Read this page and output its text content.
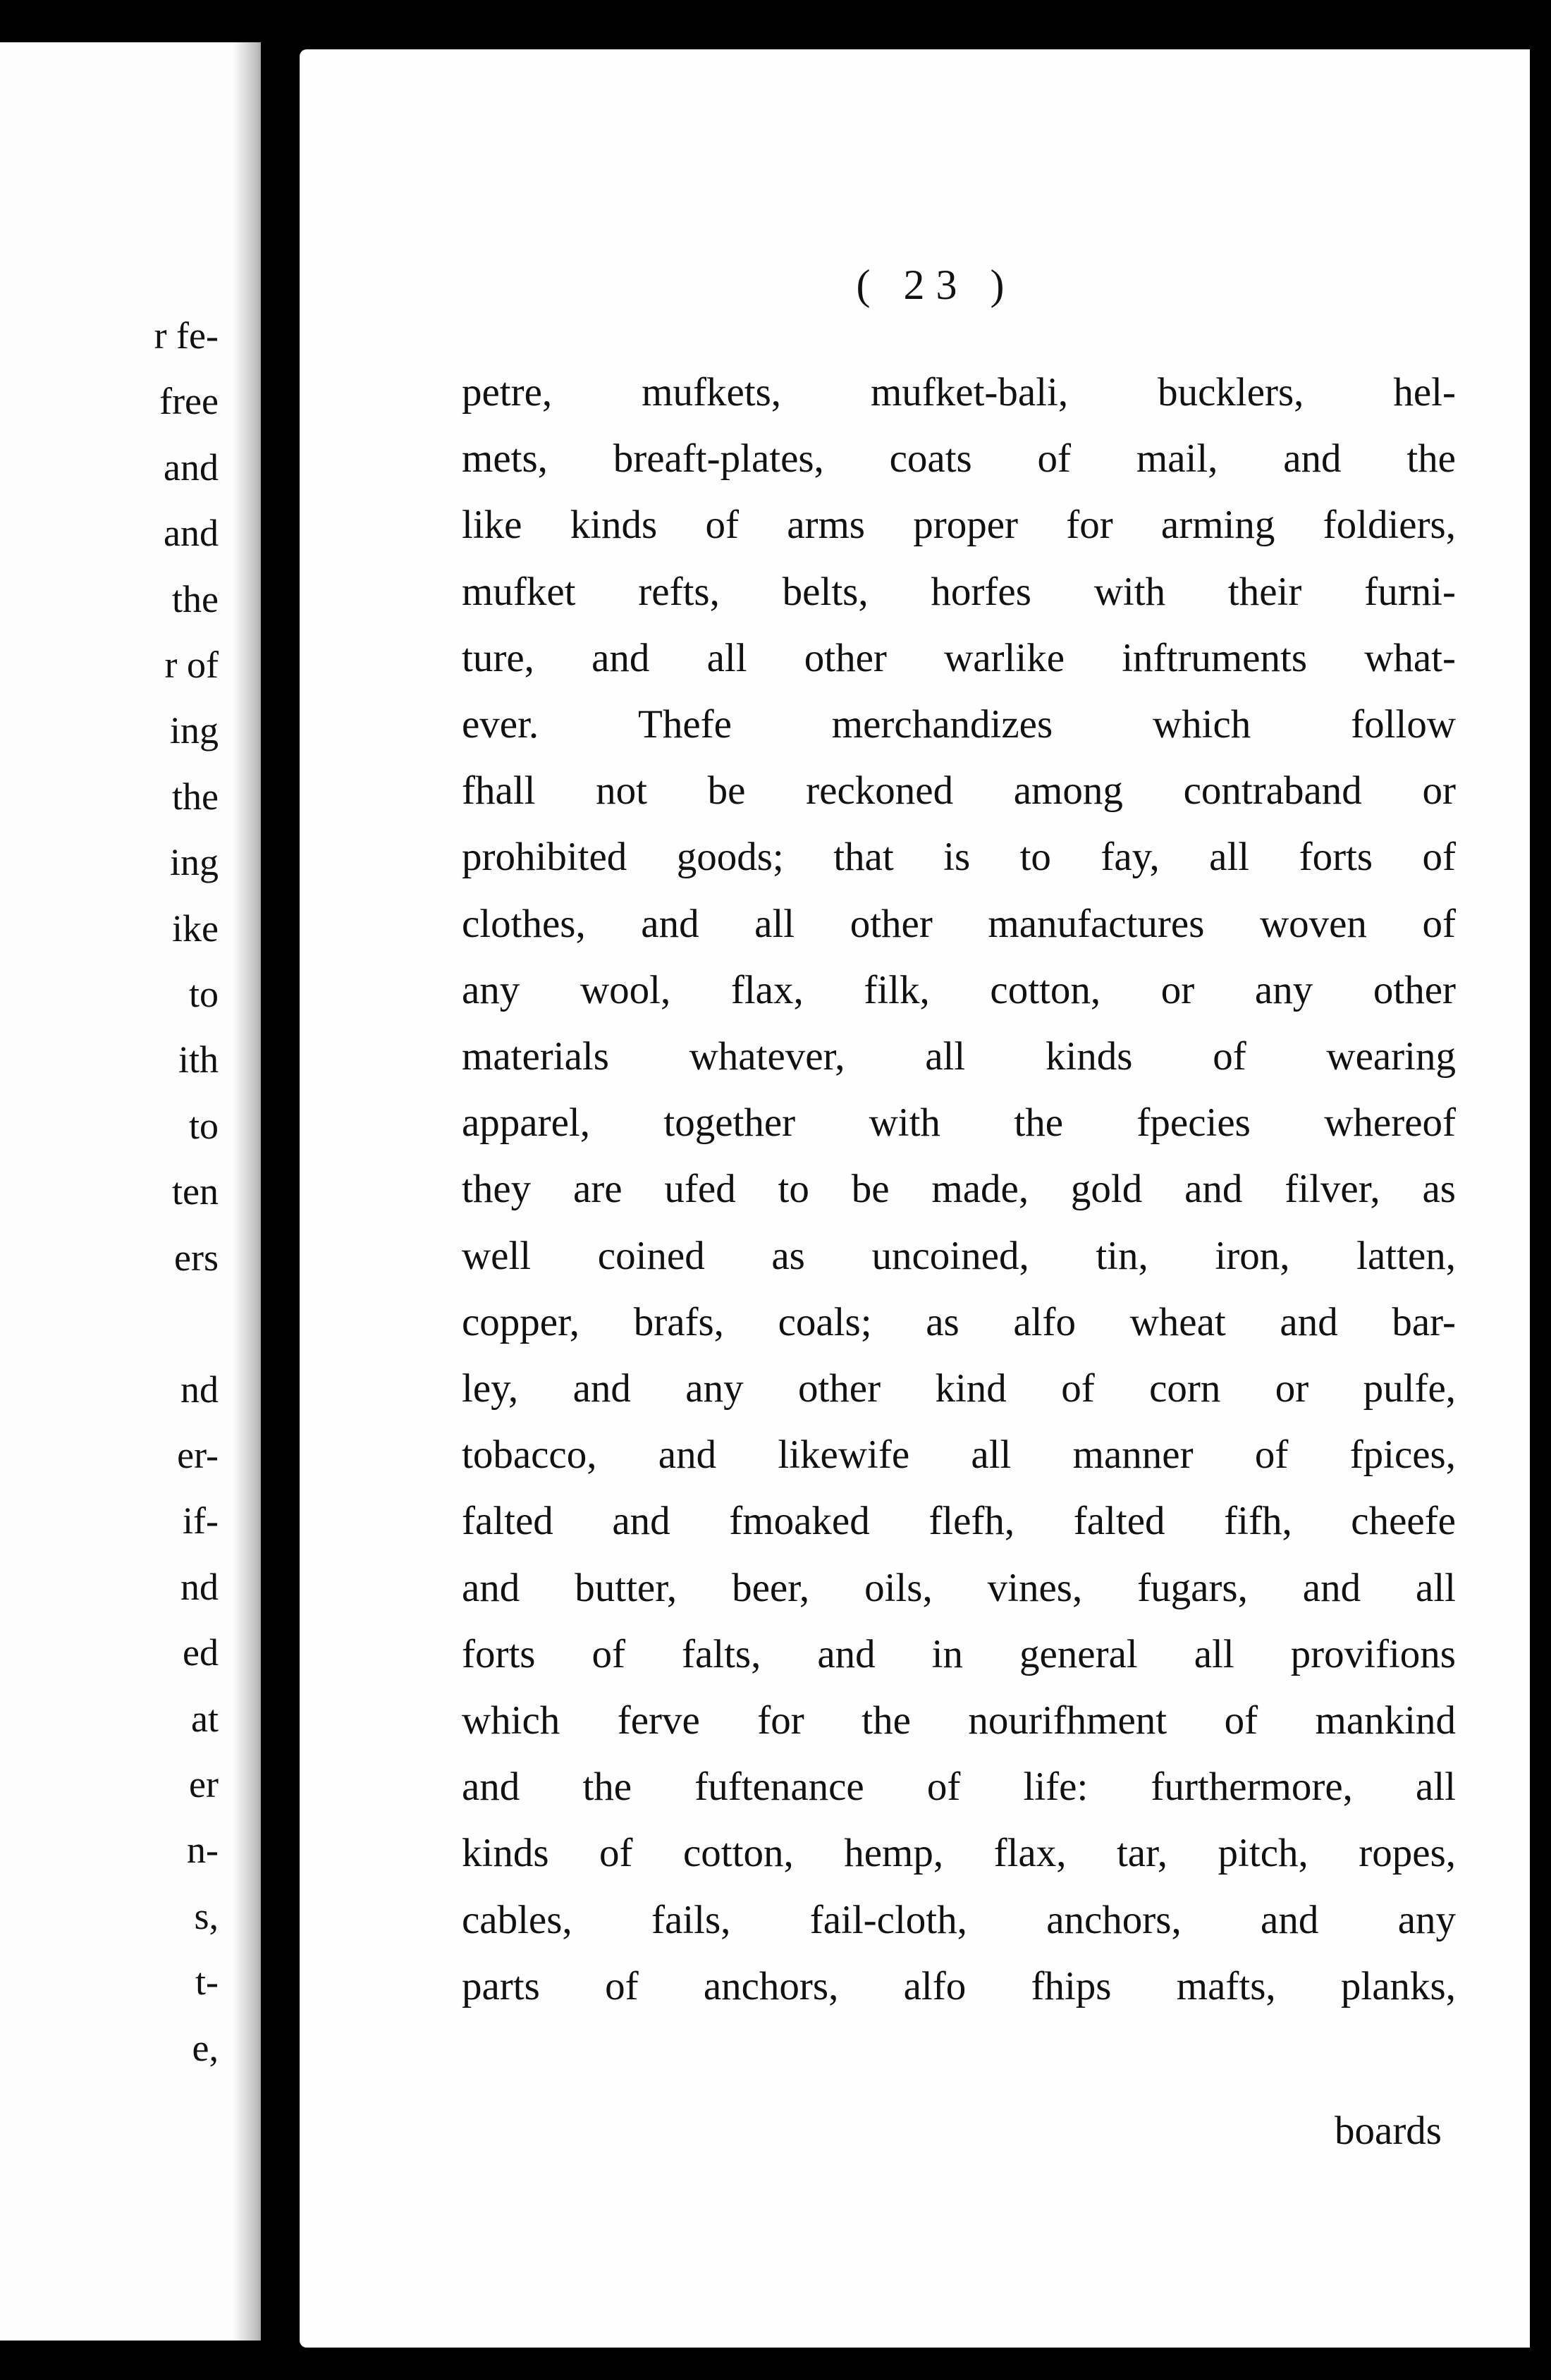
r fe-
free
and
and
the
r of
ing
the
ing
ike
to
ith
to
ten
ers

nd
er-
if-
nd
ed
at
er
n-
s,
t-
e,
( 23 )
petre, mufkets, mufket-bali, bucklers, hel-
mets, breaft-plates, coats of mail, and the
like kinds of arms proper for arming foldiers,
mufket refts, belts, horfes with their furni-
ture, and all other warlike inftruments what-
ever. Thefe merchandizes which follow
fhall not be reckoned among contraband or
prohibited goods; that is to fay, all forts of
clothes, and all other manufactures woven of
any wool, flax, filk, cotton, or any other
materials whatever, all kinds of wearing
apparel, together with the fpecies whereof
they are ufed to be made, gold and filver, as
well coined as uncoined, tin, iron, latten,
copper, brafs, coals; as alfo wheat and bar-
ley, and any other kind of corn or pulfe,
tobacco, and likewife all manner of fpices,
falted and fmoaked flefh, falted fifh, cheefe
and butter, beer, oils, vines, fugars, and all
forts of falts, and in general all provifions
which ferve for the nourifhment of mankind
and the fuftenance of life: furthermore, all
kinds of cotton, hemp, flax, tar, pitch, ropes,
cables, fails, fail-cloth, anchors, and any
parts of anchors, alfo fhips mafts, planks,
boards
